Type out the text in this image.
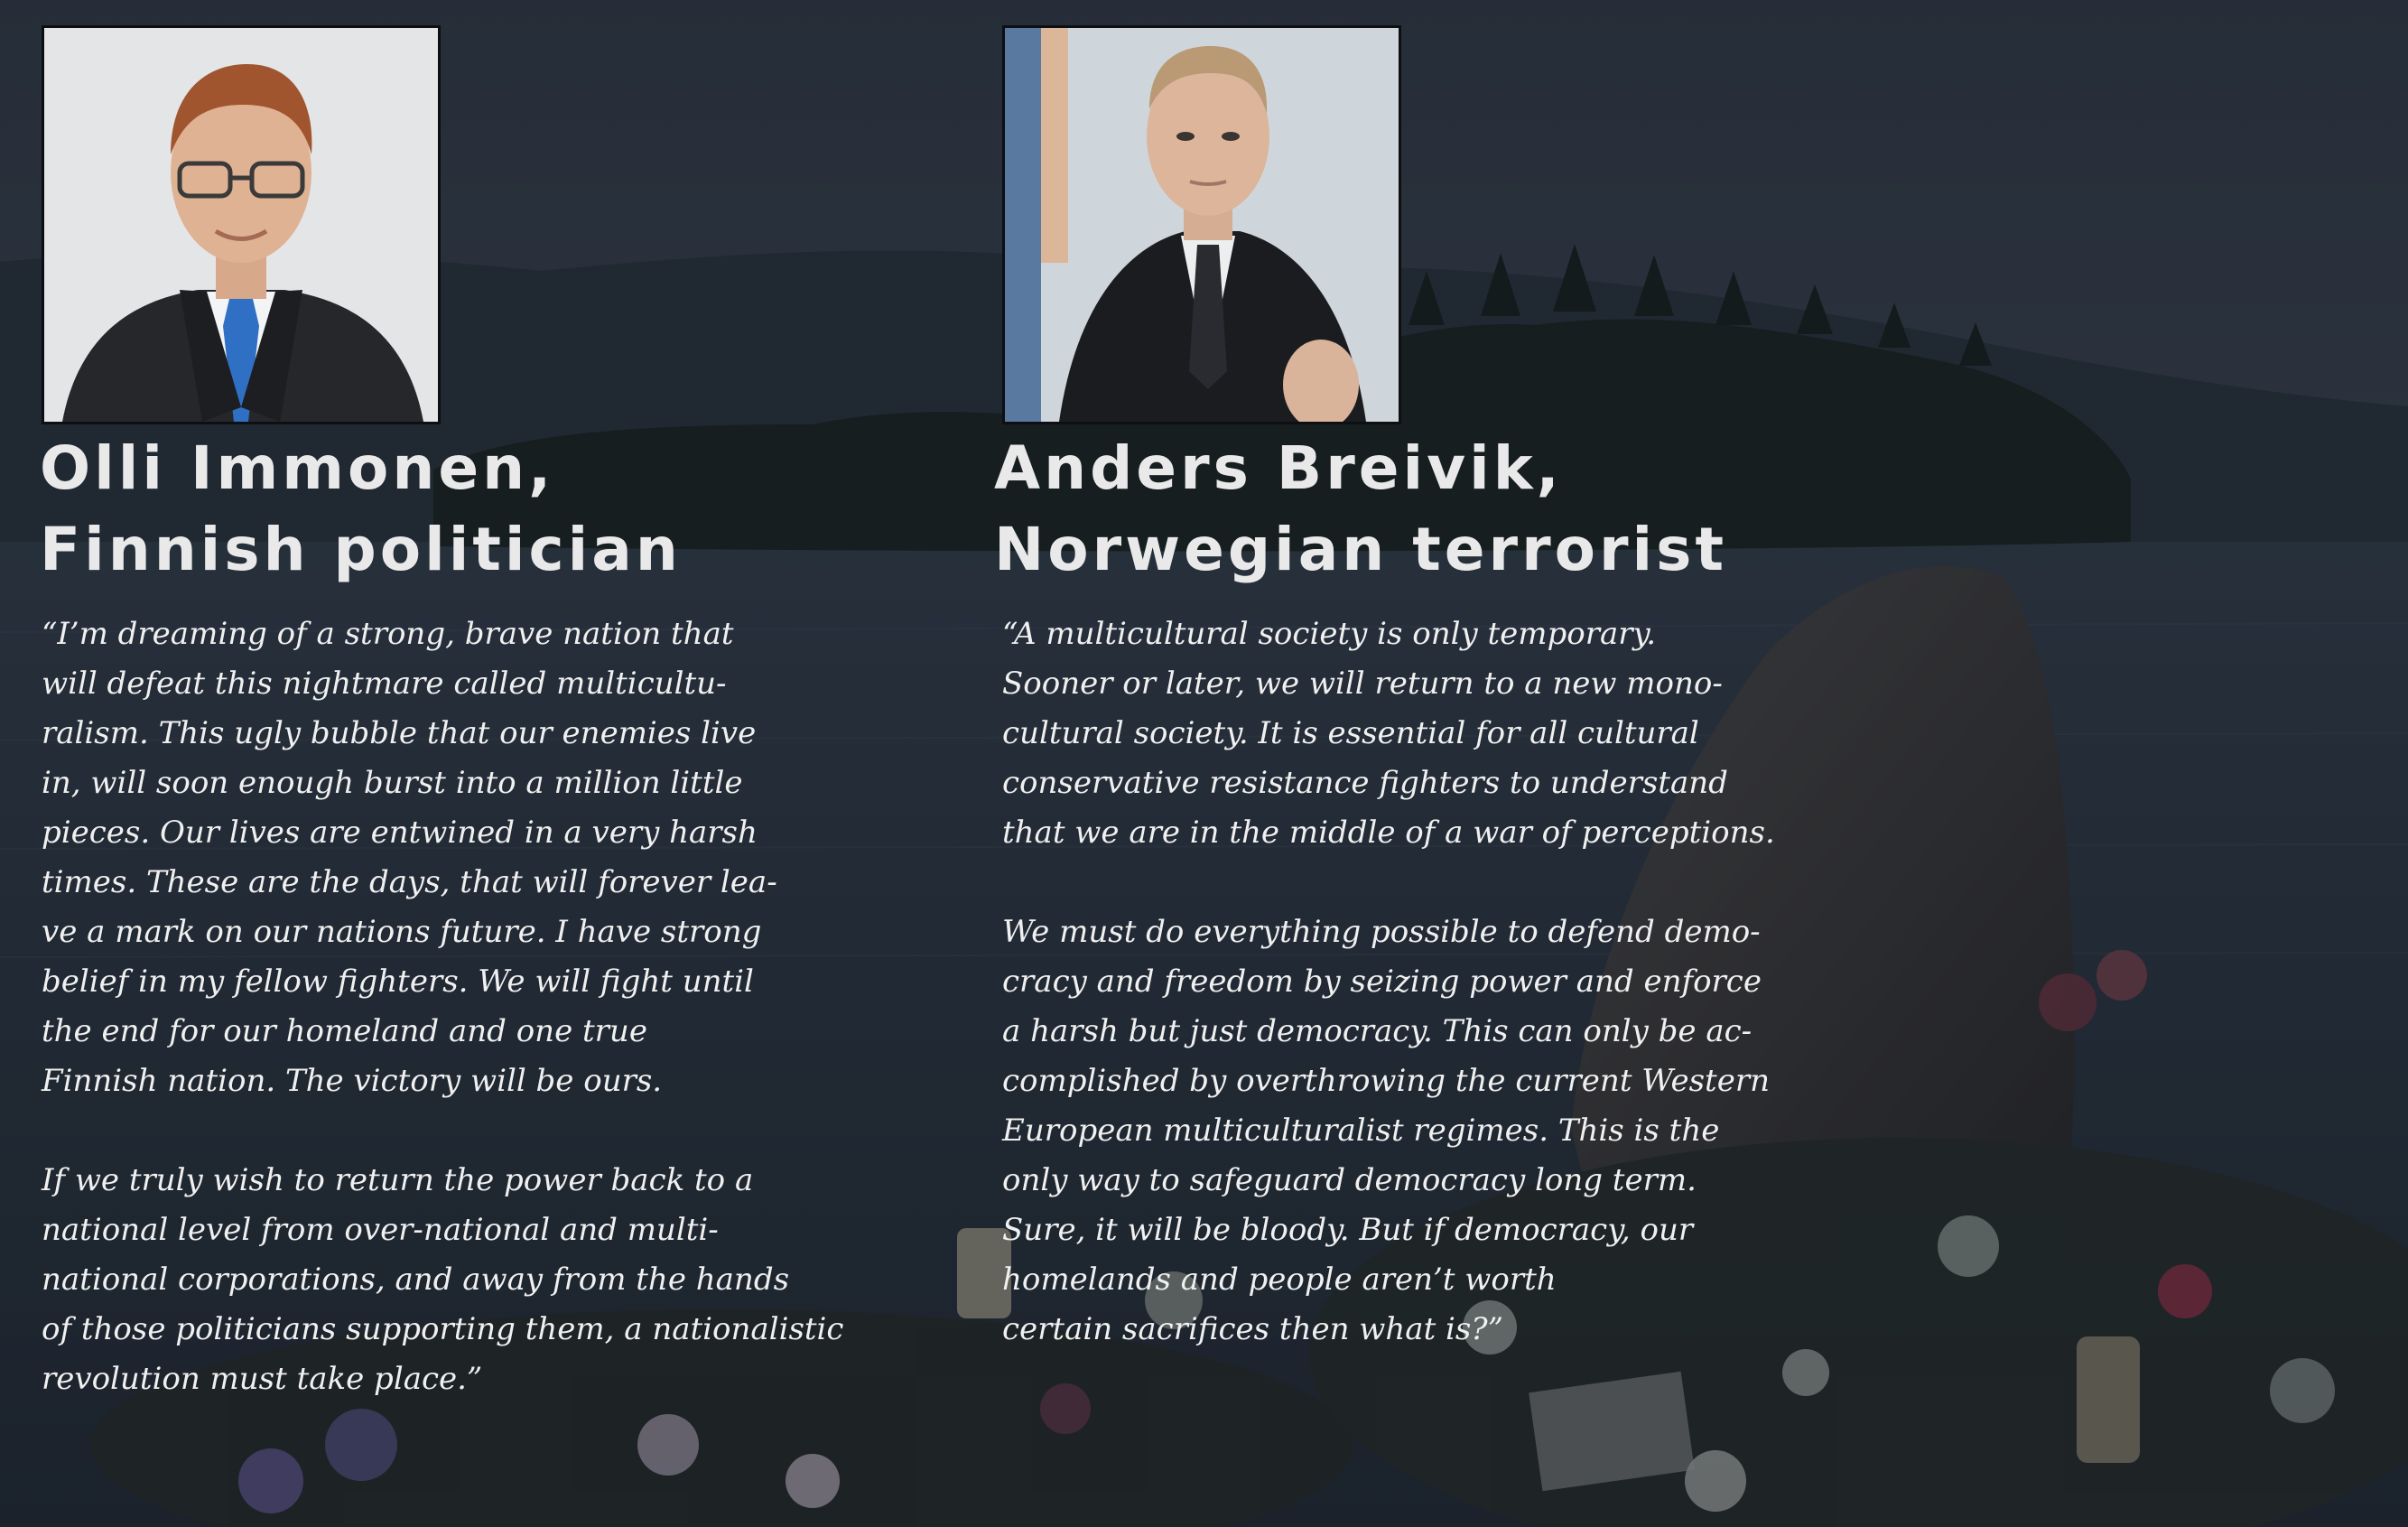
Olli Immonen,
Finnish politician

“I’m dreaming of a strong, brave nation that

will defeat this nightmare called multicultu-

ralism. This ugly bubble that our enemies live

in, will soon enough burst into a million little

pieces. Our lives are entwined in a very harsh

times. These are the days, that will forever lea-

ve a mark on our nations future. I have strong

belief in my fellow fighters. We will fight until

the end for our homeland and one true

Finnish nation. The victory will be ours.

If we truly wish to return the power back to a

national level from over-national and multi-

national corporations, and away from the hands

of those politicians supporting them, a nationalistic

revolution must take place.”

Anders Breivik,
Norwegian terrorist

“A multicultural society is only temporary.

Sooner or later, we will return to a new mono-

cultural society. It is essential for all cultural

conservative resistance fighters to understand

that we are in the middle of a war of perceptions.

We must do everything possible to defend demo-

cracy and freedom by seizing power and enforce

a harsh but just democracy. This can only be ac-

complished by overthrowing the current Western

European multiculturalist regimes. This is the

only way to safeguard democracy long term.

Sure, it will be bloody. But if democracy, our

homelands and people aren’t worth

certain sacrifices then what is?”
